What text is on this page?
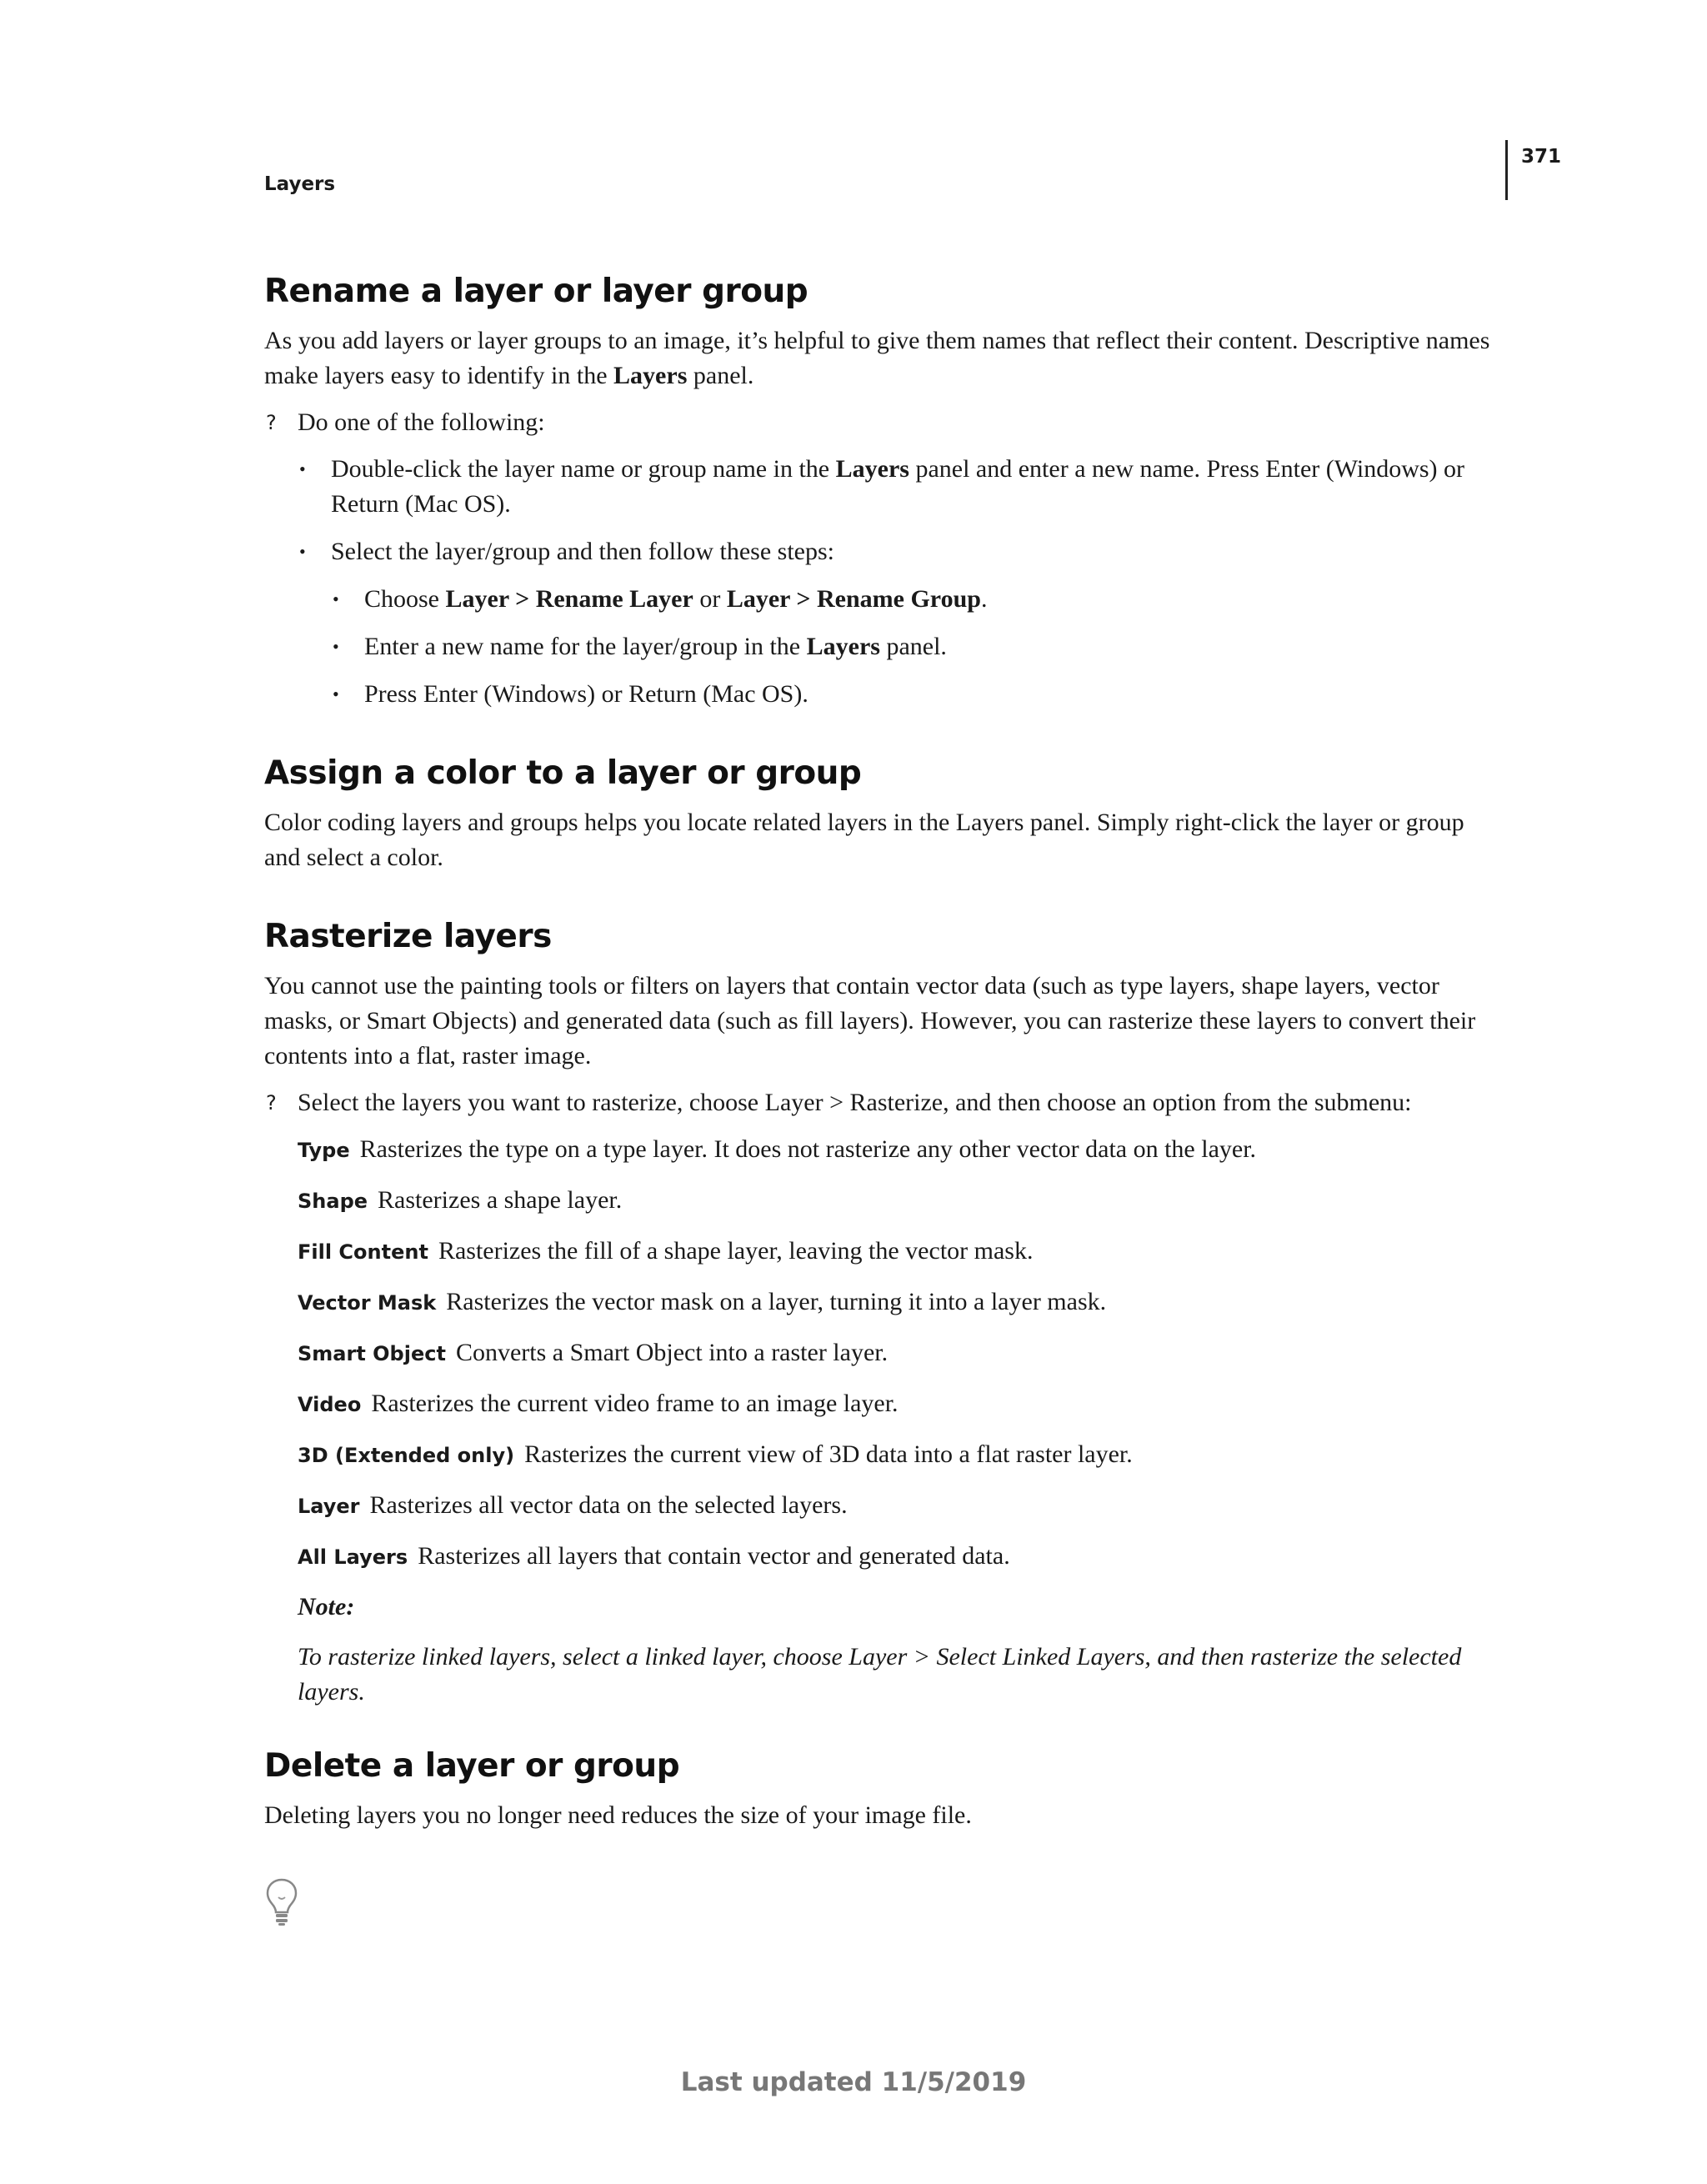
371
Layers
Rename a layer or layer group

As you add layers or layer groups to an image, it’s helpful to give them names that reflect their content. Descriptive names make layers easy to identify in the Layers panel.

? Do one of the following:
• Double-click the layer name or group name in the Layers panel and enter a new name. Press Enter (Windows) or Return (Mac OS).
• Select the layer/group and then follow these steps:
• Choose Layer > Rename Layer or Layer > Rename Group.
• Enter a new name for the layer/group in the Layers panel.
• Press Enter (Windows) or Return (Mac OS).
Assign a color to a layer or group

Color coding layers and groups helps you locate related layers in the Layers panel. Simply right-click the layer or group and select a color.

Rasterize layers

You cannot use the painting tools or filters on layers that contain vector data (such as type layers, shape layers, vector masks, or Smart Objects) and generated data (such as fill layers). However, you can rasterize these layers to convert their contents into a flat, raster image.

? Select the layers you want to rasterize, choose Layer > Rasterize, and then choose an option from the submenu:
Type Rasterizes the type on a type layer. It does not rasterize any other vector data on the layer.
Shape Rasterizes a shape layer.
Fill Content Rasterizes the fill of a shape layer, leaving the vector mask.
Vector Mask Rasterizes the vector mask on a layer, turning it into a layer mask.
Smart Object Converts a Smart Object into a raster layer.
Video Rasterizes the current video frame to an image layer.
3D (Extended only) Rasterizes the current view of 3D data into a flat raster layer.
Layer Rasterizes all vector data on the selected layers.
All Layers Rasterizes all layers that contain vector and generated data.
Note:
To rasterize linked layers, select a linked layer, choose Layer > Select Linked Layers, and then rasterize the selected layers.
Delete a layer or group

Deleting layers you no longer need reduces the size of your image file.

Last updated 11/5/2019
